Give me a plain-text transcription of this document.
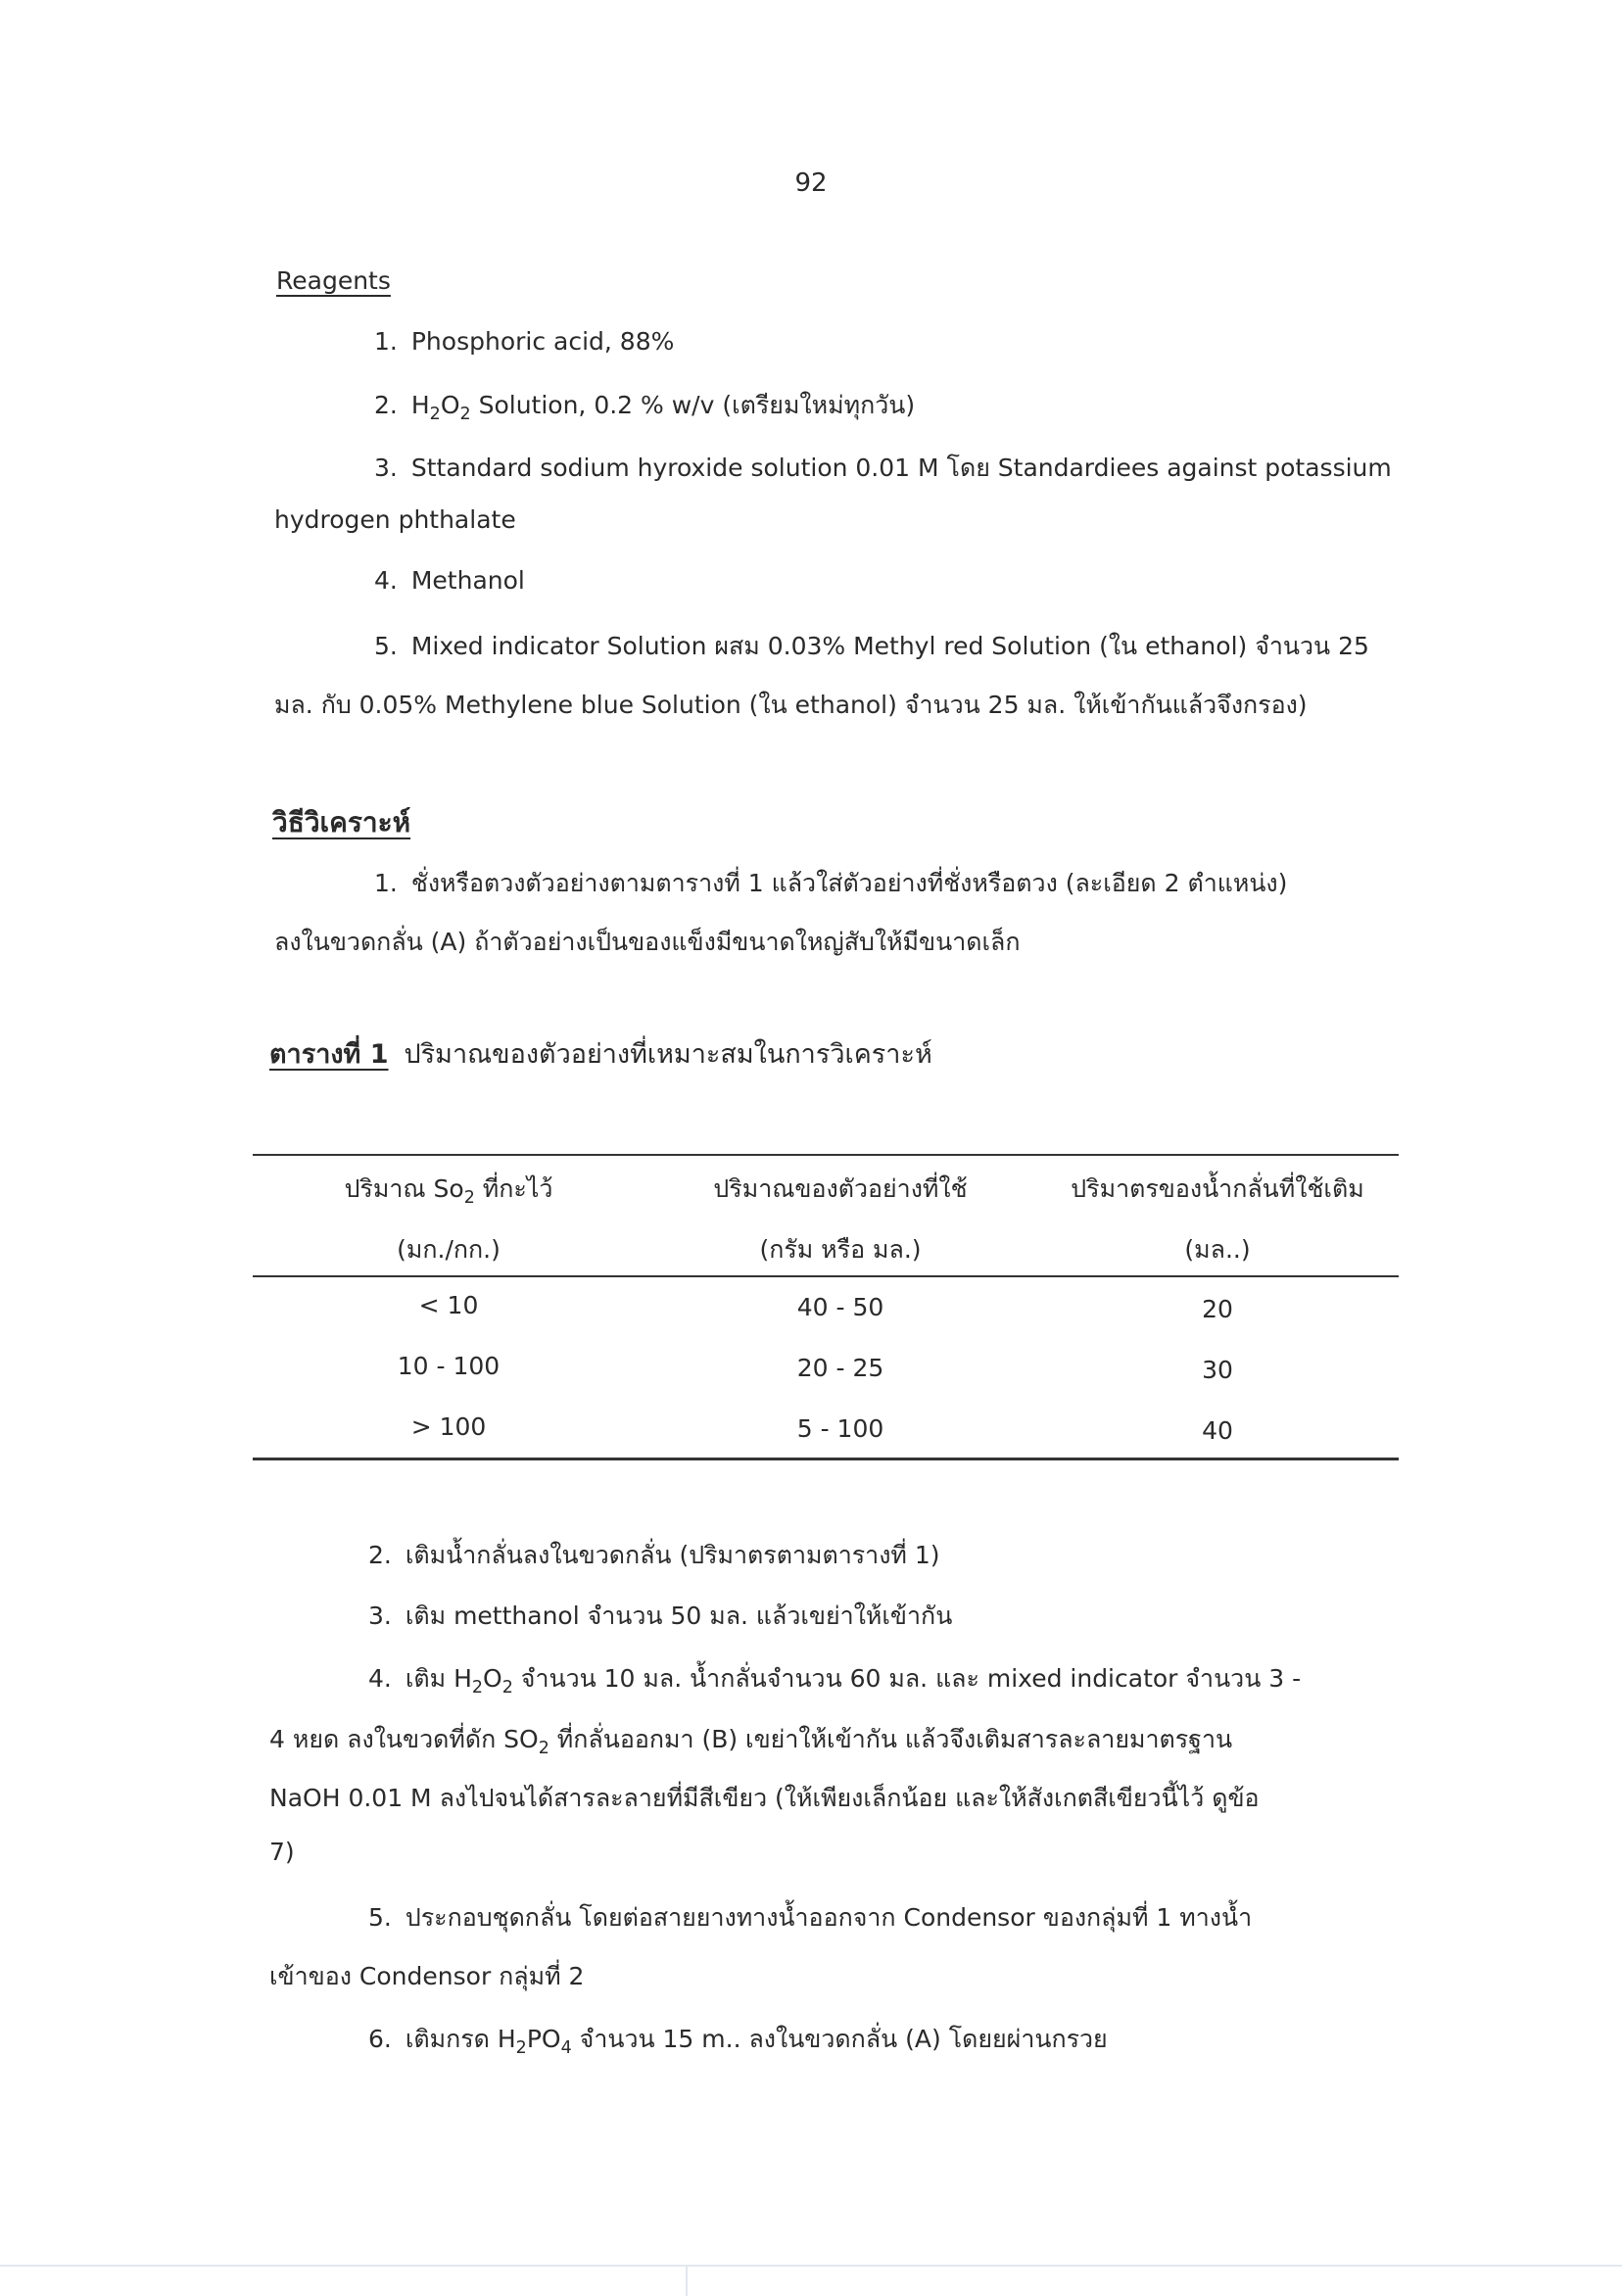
92
Reagents
1. Phosphoric acid, 88%
2. $H_2O_2$ Solution, 0.2 % w/v (เตรียมใหม่ทุกวัน)
3. Sttandard sodium hyroxide solution 0.01 M โดย Standardiees against potassium
hydrogen phthalate
4. Methanol
5. Mixed indicator Solution ผสม 0.03% Methyl red Solution (ใน ethanol) จำนวน 25
มล. กับ 0.05% Methylene blue Solution (ใน ethanol) จำนวน 25 มล. ให้เข้ากันแล้วจึงกรอง)
วิธีวิเคราะห์
1. ชั่งหรือตวงตัวอย่างตามตารางที่ 1 แล้วใส่ตัวอย่างที่ชั่งหรือตวง (ละเอียด 2 ตำแหน่ง)
ลงในขวดกลั่น (A) ถ้าตัวอย่างเป็นของแข็งมีขนาดใหญ่สับให้มีขนาดเล็ก
ตารางที่ 1 ปริมาณของตัวอย่างที่เหมาะสมในการวิเคราะห์
ปริมาณ $So_2$ ที่กะไว้	ปริมาณของตัวอย่างที่ใช้	ปริมาตรของน้ำกลั่นที่ใช้เติม
(มก./กก.)	(กรัม หรือ มล.)	(มล..)
< 10	40 - 50	20
10 - 100	20 - 25	30
> 100	5 - 100	40
2. เติมน้ำกลั่นลงในขวดกลั่น (ปริมาตรตามตารางที่ 1)
3. เติม metthanol จำนวน 50 มล. แล้วเขย่าให้เข้ากัน
4. เติม $H_2O_2$ จำนวน 10 มล. น้ำกลั่นจำนวน 60 มล. และ mixed indicator จำนวน 3 -
4 หยด ลงในขวดที่ดัก $SO_2$ ที่กลั่นออกมา (B) เขย่าให้เข้ากัน แล้วจึงเติมสารละลายมาตรฐาน
NaOH 0.01 M ลงไปจนได้สารละลายที่มีสีเขียว (ให้เพียงเล็กน้อย และให้สังเกตสีเขียวนี้ไว้ ดูข้อ
7)
5. ประกอบชุดกลั่น โดยต่อสายยางทางน้ำออกจาก Condensor ของกลุ่มที่ 1 ทางน้ำ
เข้าของ Condensor กลุ่มที่ 2
6. เติมกรด $H_2PO_4$ จำนวน 15 m.. ลงในขวดกลั่น (A) โดยยผ่านกรวย
